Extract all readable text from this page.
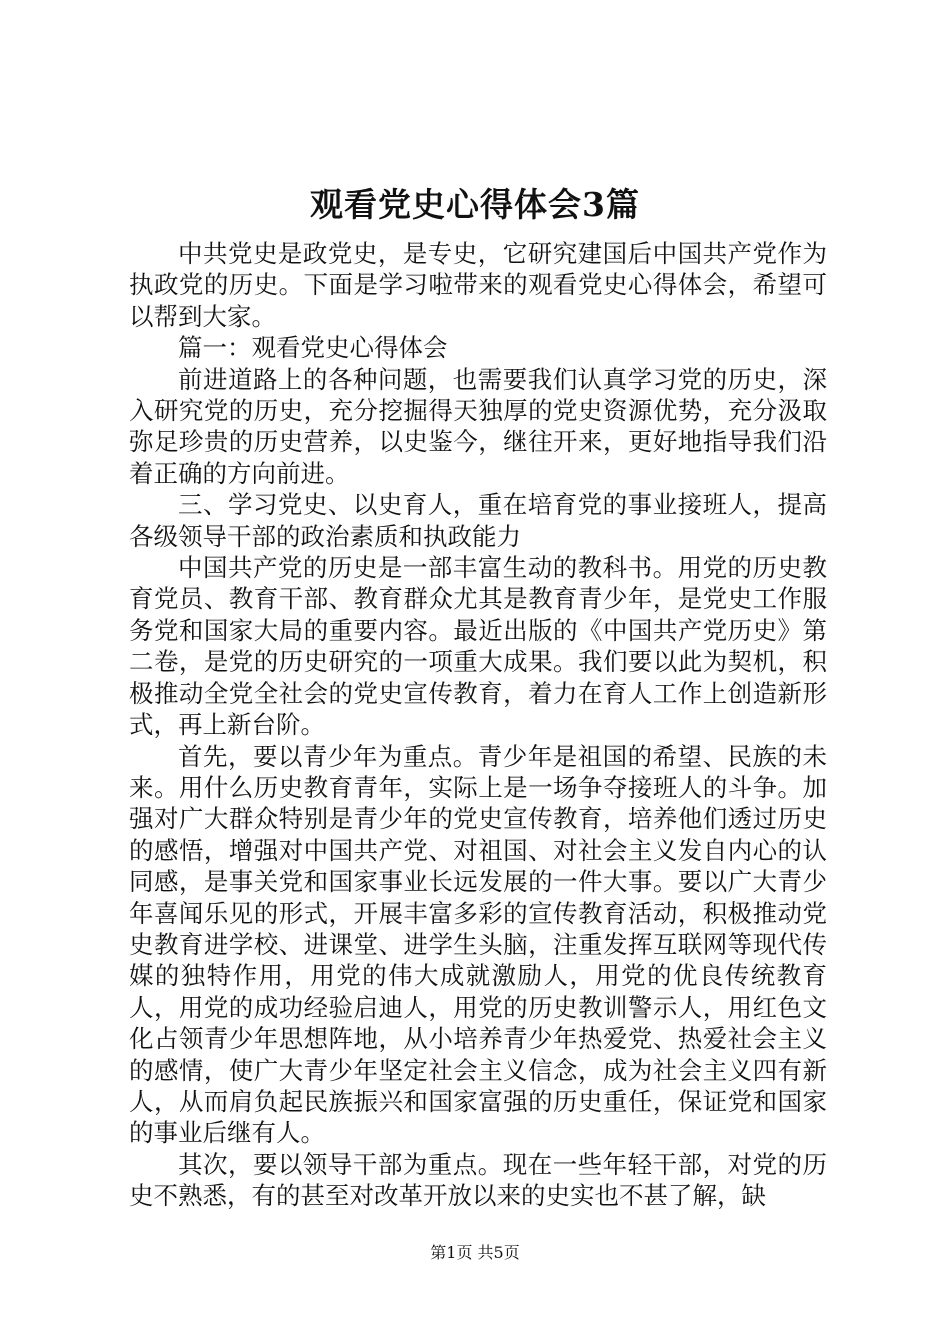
观看党史心得体会3篇

中共党史是政党史，是专史，它研究建国后中国共产党作为执政党的历史。下面是学习啦带来的观看党史心得体会，希望可以帮到大家。

篇一：观看党史心得体会

前进道路上的各种问题，也需要我们认真学习党的历史，深入研究党的历史，充分挖掘得天独厚的党史资源优势，充分汲取弥足珍贵的历史营养，以史鉴今，继往开来，更好地指导我们沿着正确的方向前进。

三、学习党史、以史育人，重在培育党的事业接班人，提高各级领导干部的政治素质和执政能力

中国共产党的历史是一部丰富生动的教科书。用党的历史教育党员、教育干部、教育群众尤其是教育青少年，是党史工作服务党和国家大局的重要内容。最近出版的《中国共产党历史》第二卷，是党的历史研究的一项重大成果。我们要以此为契机，积极推动全党全社会的党史宣传教育，着力在育人工作上创造新形式，再上新台阶。

首先，要以青少年为重点。青少年是祖国的希望、民族的未来。用什么历史教育青年，实际上是一场争夺接班人的斗争。加强对广大群众特别是青少年的党史宣传教育，培养他们透过历史的感悟，增强对中国共产党、对祖国、对社会主义发自内心的认同感，是事关党和国家事业长远发展的一件大事。要以广大青少年喜闻乐见的形式，开展丰富多彩的宣传教育活动，积极推动党史教育进学校、进课堂、进学生头脑，注重发挥互联网等现代传媒的独特作用，用党的伟大成就激励人，用党的优良传统教育人，用党的成功经验启迪人，用党的历史教训警示人，用红色文化占领青少年思想阵地，从小培养青少年热爱党、热爱社会主义的感情，使广大青少年坚定社会主义信念，成为社会主义四有新人，从而肩负起民族振兴和国家富强的历史重任，保证党和国家的事业后继有人。

其次，要以领导干部为重点。现在一些年轻干部，对党的历史不熟悉，有的甚至对改革开放以来的史实也不甚了解，缺

第1页 共5页
